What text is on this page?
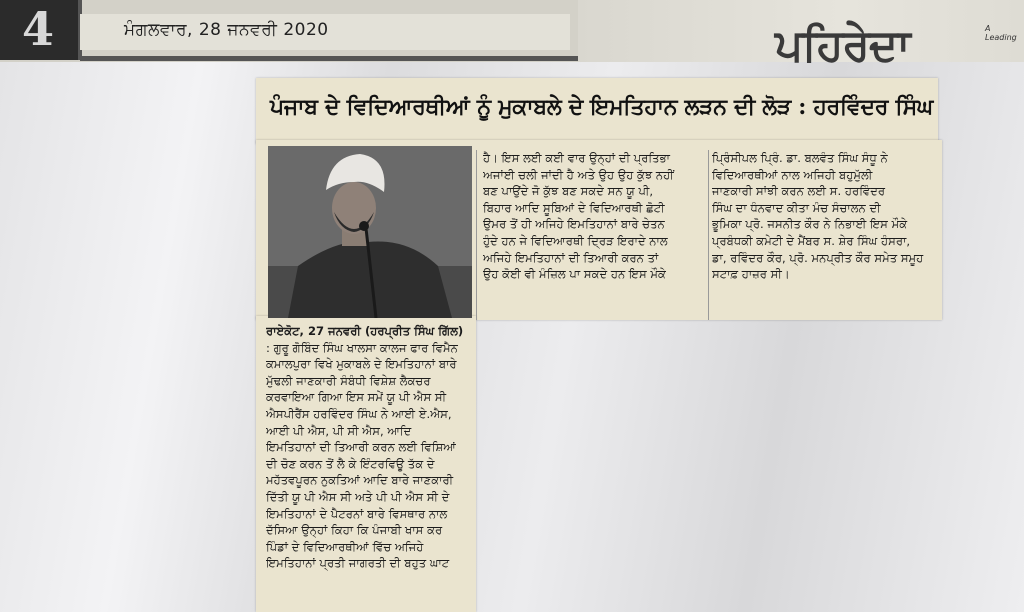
4	ਮੰਗਲਵਾਰ, 28 ਜਨਵਰੀ 2020	ਪਹਿਰੇਦਾ	A Leading
ਪੰਜਾਬ ਦੇ ਵਿਦਿਆਰਥੀਆਂ ਨੂੰ ਮੁਕਾਬਲੇ ਦੇ ਇਮਤਿਹਾਨ ਲੜਨ ਦੀ ਲੋੜ : ਹਰਵਿੰਦਰ ਸਿੰਘ
ਰਾਏਕੋਟ, 27 ਜਨਵਰੀ (ਹਰਪ੍ਰੀਤ ਸਿੰਘ ਗਿੱਲ)
: ਗੁਰੂ ਗੋਬਿੰਦ ਸਿੰਘ ਖਾਲਸਾ ਕਾਲਜ ਫਾਰ ਵਿਮੈਨ
ਕਮਾਲਪੁਰਾ ਵਿਖੇ ਮੁਕਾਬਲੇ ਦੇ ਇਮਤਿਹਾਨਾਂ ਬਾਰੇ
ਮੁੱਢਲੀ ਜਾਣਕਾਰੀ ਸੰਬੰਧੀ ਵਿਸ਼ੇਸ਼ ਲੈਕਚਰ
ਕਰਵਾਇਆ ਗਿਆ ਇਸ ਸਮੇਂ ਯੂ ਪੀ ਐਸ ਸੀ
ਐਸਪੀਰੈਂਸ ਹਰਵਿੰਦਰ ਸਿੰਘ ਨੇ ਆਈ ਏ.ਐਸ,
ਆਈ ਪੀ ਐਸ, ਪੀ ਸੀ ਐਸ, ਆਦਿ
ਇਮਤਿਹਾਨਾਂ ਦੀ ਤਿਆਰੀ ਕਰਨ ਲਈ ਵਿਸ਼ਿਆਂ
ਦੀ ਚੋਣ ਕਰਨ ਤੋਂ ਲੈ ਕੇ ਇੰਟਰਵਿਊ ਤੱਕ ਦੇ
ਮਹੱਤਵਪੂਰਨ ਨੁਕਤਿਆਂ ਆਦਿ ਬਾਰੇ ਜਾਣਕਾਰੀ
ਦਿੱਤੀ ਯੂ ਪੀ ਐਸ ਸੀ ਅਤੇ ਪੀ ਪੀ ਐਸ ਸੀ ਦੇ
ਇਮਤਿਹਾਨਾਂ ਦੇ ਪੈਟਰਨਾਂ ਬਾਰੇ ਵਿਸਥਾਰ ਨਾਲ
ਦੱਸਿਆ ਉਨ੍ਹਾਂ ਕਿਹਾ ਕਿ ਪੰਜਾਬੀ ਖਾਸ ਕਰ
ਪਿੰਡਾਂ ਦੇ ਵਿਦਿਆਰਥੀਆਂ ਵਿੱਚ ਅਜਿਹੇ
ਇਮਤਿਹਾਨਾਂ ਪ੍ਰਤੀ ਜਾਗਰਤੀ ਦੀ ਬਹੁਤ ਘਾਟ
ਹੈ। ਇਸ ਲਈ ਕਈ ਵਾਰ ਉਨ੍ਹਾਂ ਦੀ ਪ੍ਰਤਿਭਾ
ਅਜਾਂਈ ਚਲੀ ਜਾਂਦੀ ਹੈ ਅਤੇ ਉਹ ਉਹ ਕੁੱਝ ਨਹੀਂ
ਬਣ ਪਾਉਂਦੇ ਜੋ ਕੁੱਝ ਬਣ ਸਕਦੇ ਸਨ ਯੂ ਪੀ,
ਬਿਹਾਰ ਆਦਿ ਸੂਬਿਆਂ ਦੇ ਵਿਦਿਆਰਥੀ ਛੋਟੀ
ਉਮਰ ਤੋਂ ਹੀ ਅਜਿਹੇ ਇਮਤਿਹਾਨਾਂ ਬਾਰੇ ਚੇਤਨ
ਹੁੰਦੇ ਹਨ ਜੇ ਵਿਦਿਆਰਥੀ ਦ੍ਰਿੜ ਇਰਾਦੇ ਨਾਲ
ਅਜਿਹੇ ਇਮਤਿਹਾਨਾਂ ਦੀ ਤਿਆਰੀ ਕਰਨ ਤਾਂ
ਉਹ ਕੋਈ ਵੀ ਮੰਜ਼ਿਲ ਪਾ ਸਕਦੇ ਹਨ ਇਸ ਮੌਕੇ
ਪ੍ਰਿੰਸੀਪਲ ਪ੍ਰਿੰ. ਡਾ. ਬਲਵੰਤ ਸਿੰਘ ਸੰਧੂ ਨੇ
ਵਿਦਿਆਰਥੀਆਂ ਨਾਲ ਅਜਿਹੀ ਬਹੁਮੁੱਲੀ
ਜਾਣਕਾਰੀ ਸਾਂਝੀ ਕਰਨ ਲਈ ਸ. ਹਰਵਿੰਦਰ
ਸਿੰਘ ਦਾ ਧੰਨਵਾਦ ਕੀਤਾ ਮੰਚ ਸੰਚਾਲਨ ਦੀ
ਭੂਮਿਕਾ ਪ੍ਰੋ. ਜਸਨੀਤ ਕੌਰ ਨੇ ਨਿਭਾਈ ਇਸ ਮੌਕੇ
ਪ੍ਰਬੰਧਕੀ ਕਮੇਟੀ ਦੇ ਮੈਂਬਰ ਸ. ਸ਼ੇਰ ਸਿੰਘ ਹੰਸਰਾ,
ਡਾ, ਰਵਿੰਦਰ ਕੌਰ, ਪ੍ਰੋ. ਮਨਪ੍ਰੀਤ ਕੌਰ ਸਮੇਤ ਸਮੂਹ
ਸਟਾਫ਼ ਹਾਜ਼ਰ ਸੀ।
